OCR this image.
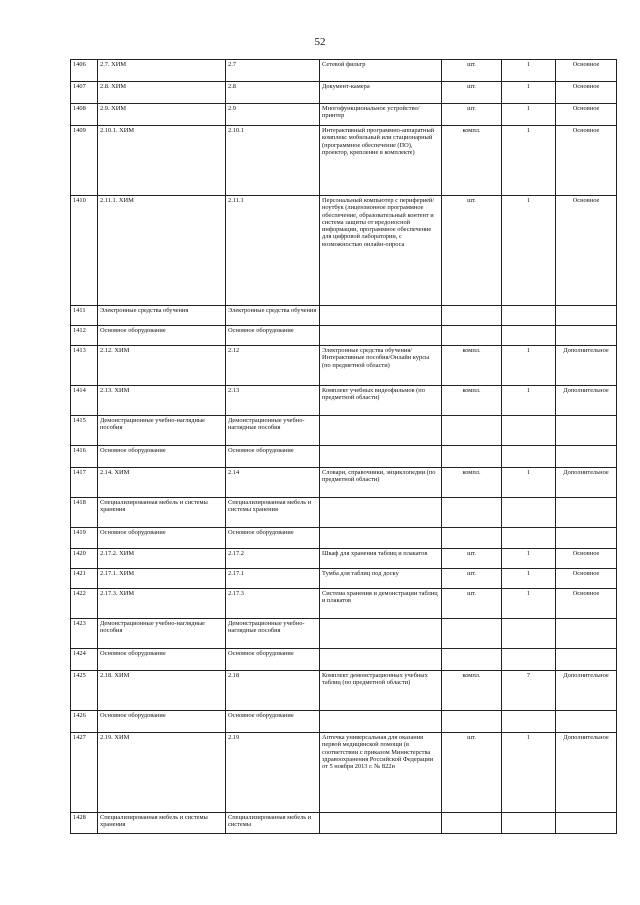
52
1406	2.7. ХИМ	2.7	Сетевой фильтр	шт.	1	Основное
1407	2.8. ХИМ	2.8	Документ-камера	шт.	1	Основное
1408	2.9. ХИМ	2.9	Многофункциональное устройство/принтер	шт.	1	Основное
1409	2.10.1. ХИМ	2.10.1	Интерактивный программно-аппаратный комплекс мобильный или стационарный (программное обеспечение (ПО), проектор, крепление в комплекте)	компл.	1	Основное
1410	2.11.1. ХИМ	2.11.1	Персональный компьютер с периферией/ноутбук (лицензионное программное обеспечение, образовательный контент и система защиты от вредоносной информации, программное обеспечение для цифровой лаборатории, с возможностью онлайн-опроса	шт.	1	Основное
1411	Электронные средства обучения	Электронные средства обучения				
1412	Основное оборудование	Основное оборудование				
1413	2.12. ХИМ	2.12	Электронные средства обучения/Интерактивные пособия/Онлайн курсы (по предметной области)	компл.	1	Дополнительное
1414	2.13. ХИМ	2.13	Комплект учебных видеофильмов (по предметной области)	компл.	1	Дополнительное
1415	Демонстрационные учебно-наглядные пособия	Демонстрационные учебно-наглядные пособия				
1416	Основное оборудование	Основное оборудование				
1417	2.14. ХИМ	2.14	Словари, справочники, энциклопедии (по предметной области)	компл.	1	Дополнительное
1418	Специализированная мебель и системы хранения	Специализированная мебель и системы хранения				
1419	Основное оборудование	Основное оборудование				
1420	2.17.2. ХИМ	2.17.2	Шкаф для хранения таблиц и плакатов	шт.	1	Основное
1421	2.17.1. ХИМ	2.17.1	Тумба для таблиц под доску	шт.	1	Основное
1422	2.17.3. ХИМ	2.17.3	Система хранения и демонстрации таблиц и плакатов	шт.	1	Основное
1423	Демонстрационные учебно-наглядные пособия	Демонстрационные учебно-наглядные пособия				
1424	Основное оборудование	Основное оборудование				
1425	2.18. ХИМ	2.18	Комплект демонстрационных учебных таблиц (по предметной области)	компл.	7	Дополнительное
1426	Основное оборудование	Основное оборудование				
1427	2.19. ХИМ	2.19	Аптечка универсальная для оказания первой медицинской помощи (в соответствии с приказом Министерства здравоохранения Российской Федерации от 5 ноября 2013 г. № 822н	шт.	1	Дополнительное
1428	Специализированная мебель и системы хранения	Специализированная мебель и системы				
